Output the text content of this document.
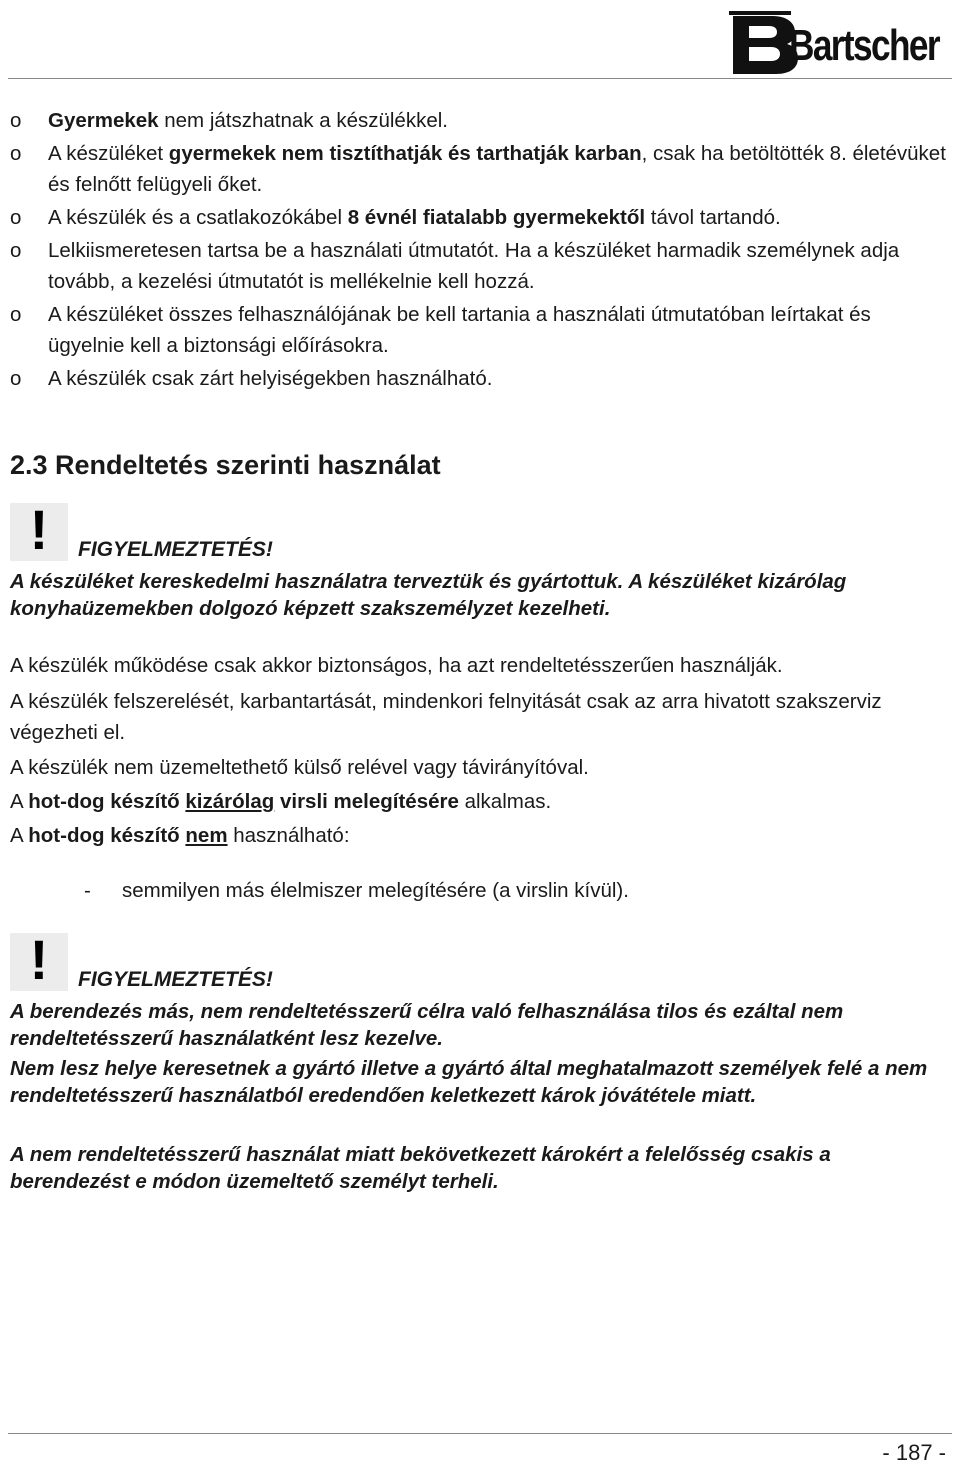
Bartscher
o Gyermekek nem játszhatnak a készülékkel.
o A készüléket gyermekek nem tisztíthatják és tarthatják karban, csak ha betöltötték 8. életévüket és felnőtt felügyeli őket.
o A készülék és a csatlakozókábel 8 évnél fiatalabb gyermekektől távol tartandó.
o Lelkiismeretesen tartsa be a használati útmutatót. Ha a készüléket harmadik személynek adja tovább, a kezelési útmutatót is mellékelnie kell hozzá.
o A készüléket összes felhasználójának be kell tartania a használati útmutatóban leírtakat és ügyelnie kell a biztonsági előírásokra.
o A készülék csak zárt helyiségekben használható.
2.3 Rendeltetés szerinti használat
!	FIGYELMEZTETÉS!

A készüléket kereskedelmi használatra terveztük és gyártottuk. A készüléket kizárólag konyhaüzemekben dolgozó képzett szakszemélyzet kezelheti.

A készülék működése csak akkor biztonságos, ha azt rendeltetésszerűen használják.

A készülék felszerelését, karbantartását, mindenkori felnyitását csak az arra hivatott szakszerviz végezheti el.

A készülék nem üzemeltethető külső relével vagy távirányítóval.

A hot-dog készítő kizárólag virsli melegítésére alkalmas.

A hot-dog készítő nem használható:

- semmilyen más élelmiszer melegítésére (a virslin kívül).
!	FIGYELMEZTETÉS!

A berendezés más, nem rendeltetésszerű célra való felhasználása tilos és ezáltal nem rendeltetésszerű használatként lesz kezelve.

Nem lesz helye keresetnek a gyártó illetve a gyártó által meghatalmazott személyek felé a nem rendeltetésszerű használatból eredendően keletkezett károk jóvátétele miatt.

A nem rendeltetésszerű használat miatt bekövetkezett károkért a felelősség csakis a berendezést e módon üzemeltető személyt terheli.

- 187 -
